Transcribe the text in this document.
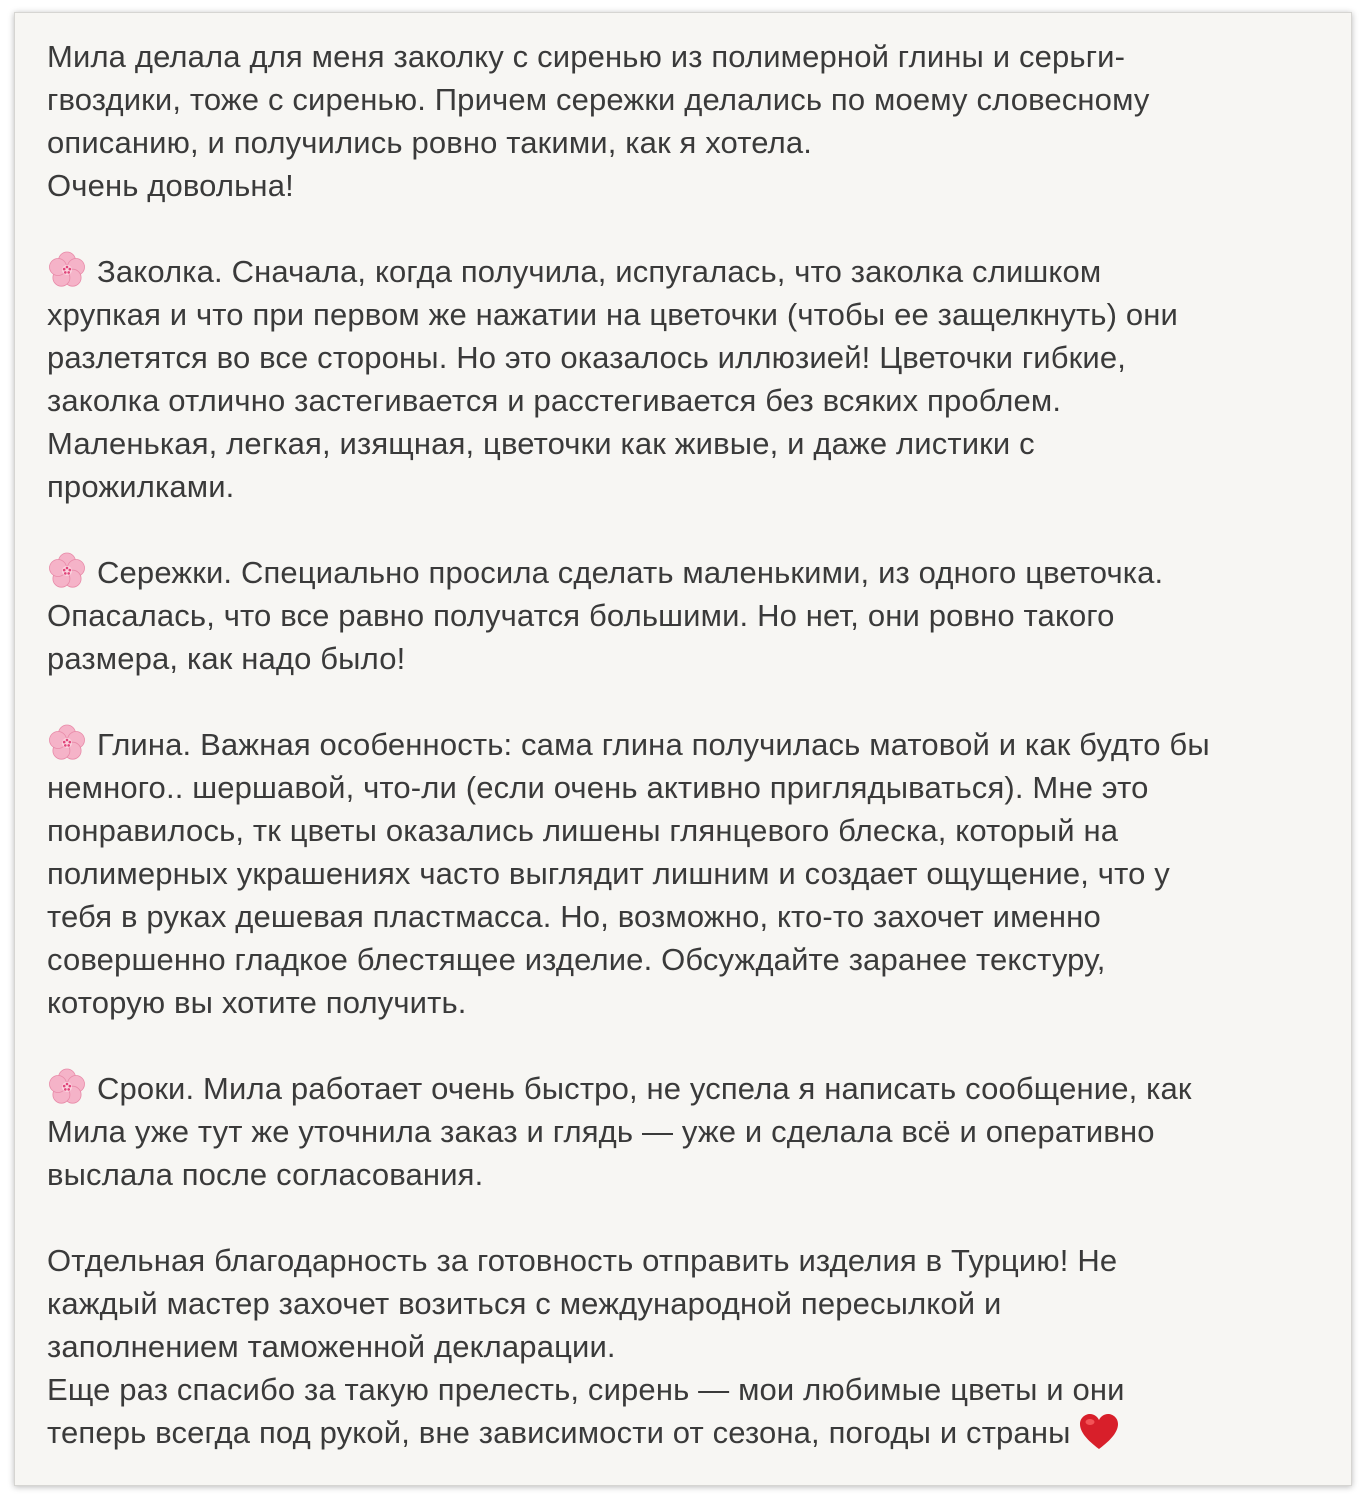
Мила делала для меня заколку с сиренью из полимерной глины и серьги-
гвоздики, тоже с сиренью. Причем сережки делались по моему словесному
описанию, и получились ровно такими, как я хотела.
Очень довольна!
Заколка. Сначала, когда получила, испугалась, что заколка слишком
хрупкая и что при первом же нажатии на цветочки (чтобы ее защелкнуть) они
разлетятся во все стороны. Но это оказалось иллюзией! Цветочки гибкие,
заколка отлично застегивается и расстегивается без всяких проблем.
Маленькая, легкая, изящная, цветочки как живые, и даже листики с
прожилками.
Сережки. Специально просила сделать маленькими, из одного цветочка.
Опасалась, что все равно получатся большими. Но нет, они ровно такого
размера, как надо было!
Глина. Важная особенность: сама глина получилась матовой и как будто бы
немного.. шершавой, что-ли (если очень активно приглядываться). Мне это
понравилось, тк цветы оказались лишены глянцевого блеска, который на
полимерных украшениях часто выглядит лишним и создает ощущение, что у
тебя в руках дешевая пластмасса. Но, возможно, кто-то захочет именно
совершенно гладкое блестящее изделие. Обсуждайте заранее текстуру,
которую вы хотите получить.
Сроки. Мила работает очень быстро, не успела я написать сообщение, как
Мила уже тут же уточнила заказ и глядь — уже и сделала всё и оперативно
выслала после согласования.
Отдельная благодарность за готовность отправить изделия в Турцию! Не
каждый мастер захочет возиться с международной пересылкой и
заполнением таможенной декларации.
Еще раз спасибо за такую прелесть, сирень — мои любимые цветы и они
теперь всегда под рукой, вне зависимости от сезона, погоды и страны
